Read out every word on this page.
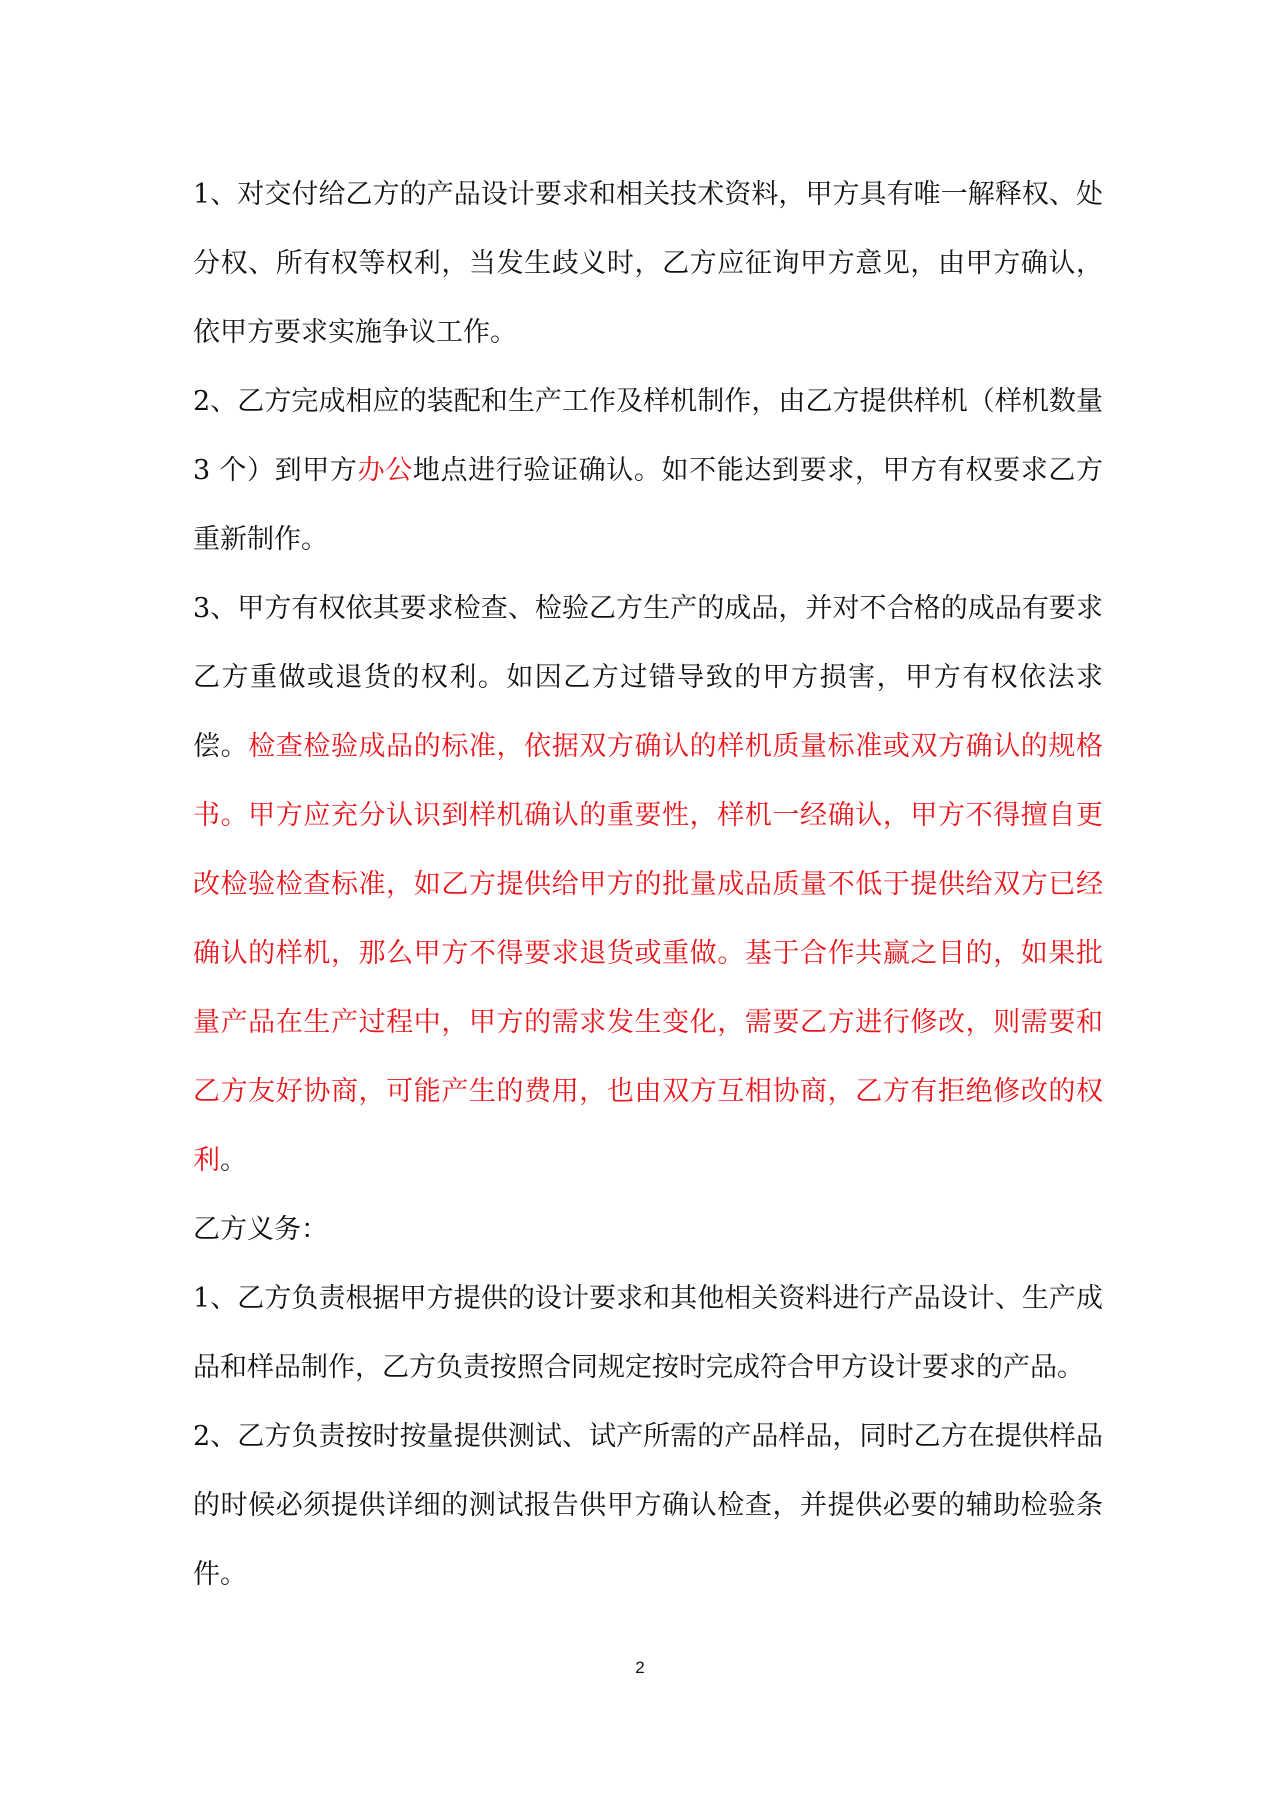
1、对交付给乙方的产品设计要求和相关技术资料，甲方具有唯一解释权、处分权、所有权等权利，当发生歧义时，乙方应征询甲方意见，由甲方确认，依甲方要求实施争议工作。

2、乙方完成相应的装配和生产工作及样机制作，由乙方提供样机（样机数量 3 个）到甲方办公地点进行验证确认。如不能达到要求，甲方有权要求乙方重新制作。

3、甲方有权依其要求检查、检验乙方生产的成品，并对不合格的成品有要求乙方重做或退货的权利。如因乙方过错导致的甲方损害，甲方有权依法求偿。检查检验成品的标准，依据双方确认的样机质量标准或双方确认的规格书。甲方应充分认识到样机确认的重要性，样机一经确认，甲方不得擅自更改检验检查标准，如乙方提供给甲方的批量成品质量不低于提供给双方已经确认的样机，那么甲方不得要求退货或重做。基于合作共赢之目的，如果批量产品在生产过程中，甲方的需求发生变化，需要乙方进行修改，则需要和乙方友好协商，可能产生的费用，也由双方互相协商，乙方有拒绝修改的权利。

乙方义务：

1、乙方负责根据甲方提供的设计要求和其他相关资料进行产品设计、生产成品和样品制作，乙方负责按照合同规定按时完成符合甲方设计要求的产品。

2、乙方负责按时按量提供测试、试产所需的产品样品，同时乙方在提供样品的时候必须提供详细的测试报告供甲方确认检查，并提供必要的辅助检验条件。

2
